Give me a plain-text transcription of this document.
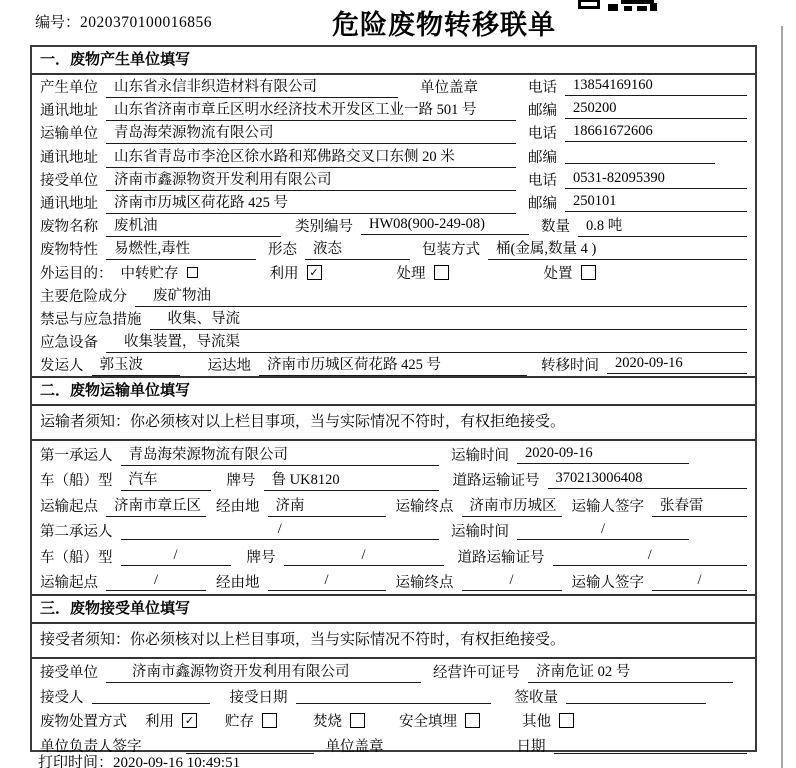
编号：2020370100016856	危险废物转移联单
一．废物产生单位填写
产生单位	山东省永信非织造材料有限公司	单位盖章	电话	13854169160
通讯地址	山东省济南市章丘区明水经济技术开发区工业一路 501 号	邮编	250200
运输单位	青岛海荣源物流有限公司	电话	18661672606
通讯地址	山东省青岛市李沧区徐水路和郑佛路交叉口东侧 20 米	邮编
接受单位	济南市鑫源物资开发利用有限公司	电话	0531-82095390
通讯地址	济南市历城区荷花路 425 号	邮编	250101
废物名称	废机油	类别编号	HW08(900-249-08)	数量	0.8 吨
废物特性	易燃性,毒性	形态	液态	包装方式	桶(金属,数量 4 )
外运目的： 中转贮存	利用 ✓	处理	处置
主要危险成分	废矿物油
禁忌与应急措施	收集、导流
应急设备	收集装置，导流渠
发运人	郭玉波	运达地	济南市历城区荷花路 425 号	转移时间	2020-09-16
二．废物运输单位填写
运输者须知：你必须核对以上栏目事项，当与实际情况不符时，有权拒绝接受。
第一承运人	青岛海荣源物流有限公司	运输时间	2020-09-16
车（船）型	汽车	牌号	鲁 UK8120	道路运输证号	370213006408
运输起点	济南市章丘区	经由地	济南	运输终点	济南市历城区	运输人签字	张春雷
第二承运人	/	运输时间	/
车（船）型	/	牌号	/	道路运输证号	/
运输起点	/	经由地	/	运输终点	/	运输人签字	/
三．废物接受单位填写
接受者须知：你必须核对以上栏目事项，当与实际情况不符时，有权拒绝接受。
接受单位	济南市鑫源物资开发利用有限公司	经营许可证号	济南危证 02 号
接受人	接受日期	签收量
废物处置方式 利用 ✓ 贮存	焚烧	安全填埋	其他
单位负责人签字	单位盖章	日期
打印时间：2020-09-16 10:49:51
